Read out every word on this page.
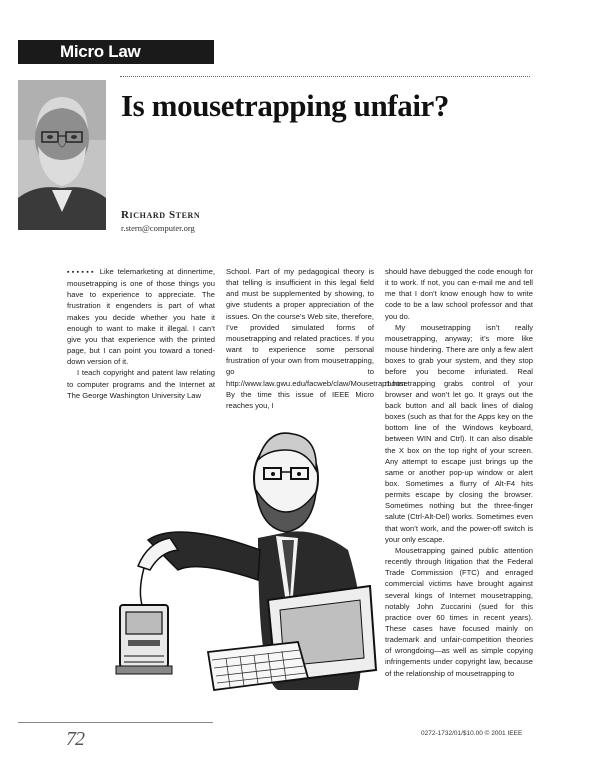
Micro Law
Is mousetrapping unfair?
Richard Stern
r.stern@computer.org

▪▪▪▪▪▪ Like telemarketing at dinnertime, mousetrapping is one of those things you have to experience to appreciate. The frustration it engenders is part of what makes you decide whether you hate it enough to want to make it illegal. I can’t give you that experience with the printed page, but I can point you toward a toned-down version of it.

I teach copyright and patent law relating to computer programs and the Internet at The George Washington University Law

School. Part of my pedagogical theory is that telling is insufficient in this legal field and must be supplemented by showing, to give students a proper appreciation of the issues. On the course’s Web site, therefore, I’ve provided simulated forms of mousetrapping and related practices. If you want to experience some personal frustration of your own from mousetrapping, go to http://www.law.gwu.edu/facweb/claw/Mousetrap1.htm. By the time this issue of IEEE Micro reaches you, I

should have debugged the code enough for it to work. If not, you can e-mail me and tell me that I don’t know enough how to write code to be a law school professor and that you do.

My mousetrapping isn’t really mousetrapping, anyway; it’s more like mouse hindering. There are only a few alert boxes to grab your system, and they stop before you become infuriated. Real mousetrapping grabs control of your browser and won’t let go. It grays out the back button and all back lines of dialog boxes (such as that for the Apps key on the bottom line of the Windows keyboard, between WIN and Ctrl). It can also disable the X box on the top right of your screen. Any attempt to escape just brings up the same or another pop-up window or alert box. Sometimes a flurry of Alt-F4 hits permits escape by closing the browser. Sometimes nothing but the three-finger salute (Ctrl-Alt-Del) works. Sometimes even that won’t work, and the power-off switch is your only escape.

Mousetrapping gained public attention recently through litigation that the Federal Trade Commission (FTC) and enraged commercial victims have brought against several kings of Internet mousetrapping, notably John Zuccarini (sued for this practice over 60 times in recent years). These cases have focused mainly on trademark and unfair-competition theories of wrongdoing—as well as simple copying infringements under copyright law, because of the relationship of mousetrapping to

72	0272-1732/01/$10.00 © 2001 IEEE
